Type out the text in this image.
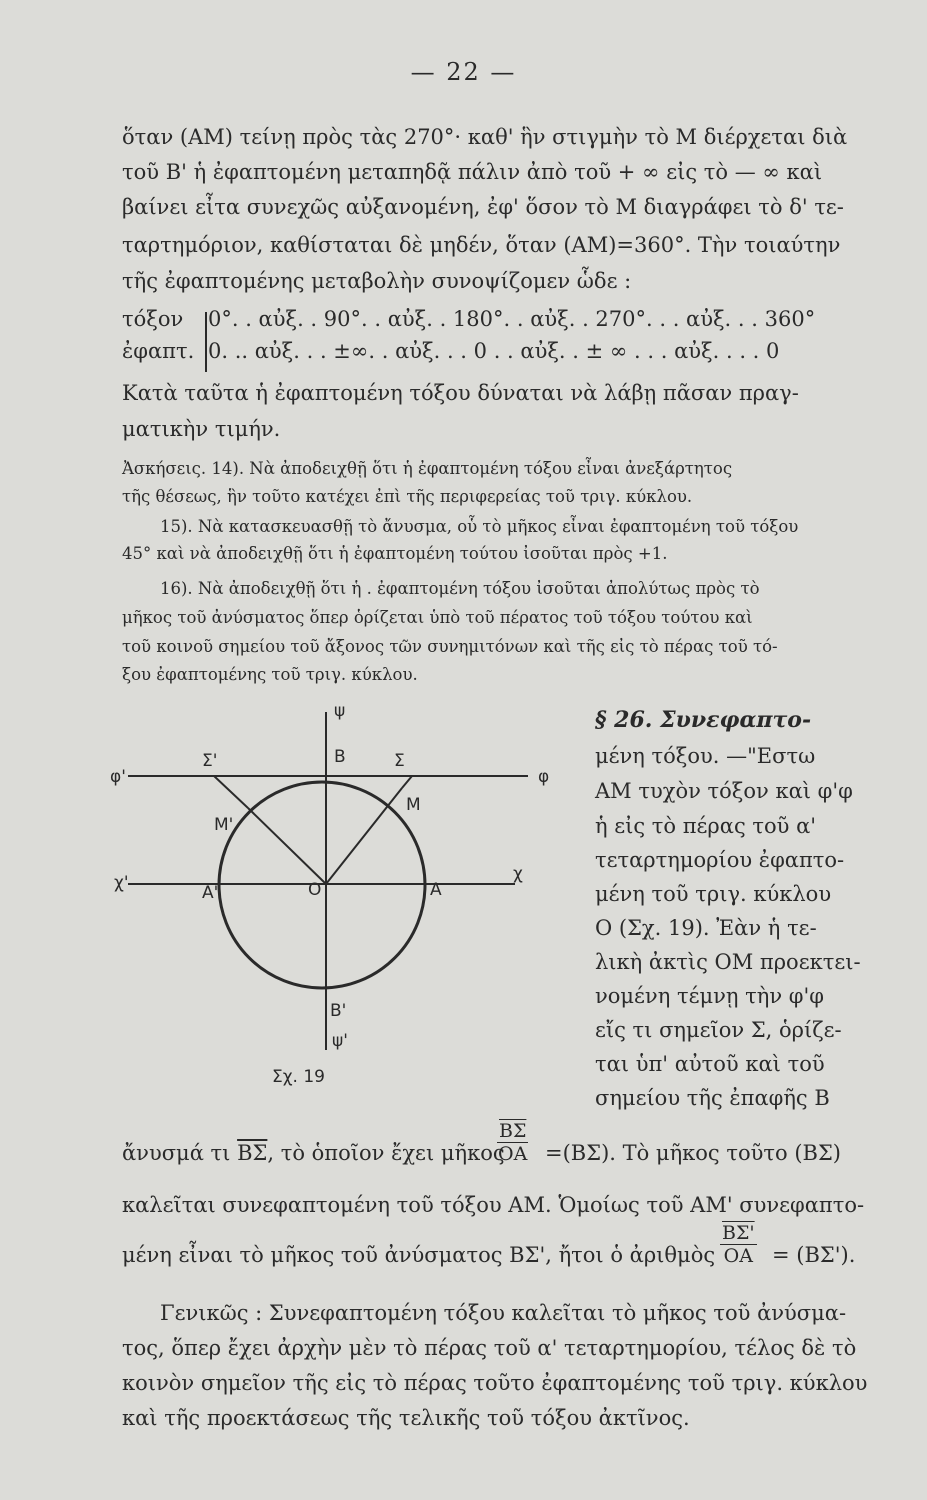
— 22 —
ὅταν (ΑΜ) τείνῃ πρὸς τὰς 270°· καθ' ἣν στιγμὴν τὸ Μ διέρχεται διὰ
τοῦ Β' ἡ ἐφαπτομένη μεταπηδᾷ πάλιν ἀπὸ τοῦ + ∞ εἰς τὸ — ∞ καὶ
βαίνει εἶτα συνεχῶς αὐξανομένη, ἐφ' ὅσον τὸ Μ διαγράφει τὸ δ' τε-
ταρτημόριον, καθίσταται δὲ μηδέν, ὅταν (ΑΜ)=360°. Τὴν τοιαύτην
τῆς ἐφαπτομένης μεταβολὴν συνοψίζομεν ὧδε :
τόξον 0°. . αὐξ. . 90°. . αὐξ. . 180°. . αὐξ. . 270°. . . αὐξ. . . 360°
ἐφαπτ. 0. .. αὐξ. . . ±∞. . αὐξ. . . 0 . . αὐξ. . ± ∞ . . . αὐξ. . . . 0
Κατὰ ταῦτα ἡ ἐφαπτομένη τόξου δύναται νὰ λάβῃ πᾶσαν πραγ-
ματικὴν τιμήν.
Ἀσκήσεις. 14). Νὰ ἀποδειχθῇ ὅτι ἡ ἐφαπτομένη τόξου εἶναι ἀνεξάρτητος
τῆς θέσεως, ἣν τοῦτο κατέχει ἐπὶ τῆς περιφερείας τοῦ τριγ. κύκλου.
15). Νὰ κατασκευασθῇ τὸ ἄνυσμα, οὗ τὸ μῆκος εἶναι ἐφαπτομένη τοῦ τόξου
45° καὶ νὰ ἀποδειχθῇ ὅτι ἡ ἐφαπτομένη τούτου ἰσοῦται πρὸς +1.
16). Νὰ ἀποδειχθῇ ὅτι ἡ . ἐφαπτομένη τόξου ἰσοῦται ἀπολύτως πρὸς τὸ
μῆκος τοῦ ἀνύσματος ὅπερ ὁρίζεται ὑπὸ τοῦ πέρατος τοῦ τόξου τούτου καὶ
τοῦ κοινοῦ σημείου τοῦ ἄξονος τῶν συνημιτόνων καὶ τῆς εἰς τὸ πέρας τοῦ τό-
ξου ἐφαπτομένης τοῦ τριγ. κύκλου.
ψ
B	Σ
Σ'
φ
φ'
M
M'
χ
χ'	A'	O	A
B'
ψ'
Σχ. 19
§ 26. Συνεφαπτο-
μένη τόξου. —"Εστω
ΑΜ τυχὸν τόξον καὶ φ'φ
ἡ εἰς τὸ πέρας τοῦ α'
τεταρτημορίου ἐφαπτο-
μένη τοῦ τριγ. κύκλου
Ο (Σχ. 19). Ἐὰν ἡ τε-
λικὴ ἀκτὶς ΟΜ προεκτει-
νομένη τέμνῃ τὴν φ'φ
εἴς τι σημεῖον Σ, ὁρίζε-
ται ὑπ' αὐτοῦ καὶ τοῦ
σημείου τῆς ἐπαφῆς Β
ἄνυσμά τι $\overline{B\Sigma}$, τὸ ὁποῖον ἔχει μῆκος
$\frac{\overline{B\Sigma}}{OA} =(B\Sigma)$. Τὸ μῆκος τοῦτο (ΒΣ)
καλεῖται συνεφαπτομένη τοῦ τόξου ΑΜ. Ὁμοίως τοῦ ΑΜ' συνεφαπτο-
μένη εἶναι τὸ μῆκος τοῦ ἀνύσματος ΒΣ', ἤτοι ὁ ἀριθμὸς $\frac{B\Sigma'}{OA} = (B\Sigma')$.
Γενικῶς : Συνεφαπτομένη τόξου καλεῖται τὸ μῆκος τοῦ ἀνύσμα-
τος, ὅπερ ἔχει ἀρχὴν μὲν τὸ πέρας τοῦ α' τεταρτημορίου, τέλος δὲ τὸ
κοινὸν σημεῖον τῆς εἰς τὸ πέρας τοῦτο ἐφαπτομένης τοῦ τριγ. κύκλου
καὶ τῆς προεκτάσεως τῆς τελικῆς τοῦ τόξου ἀκτῖνος.
